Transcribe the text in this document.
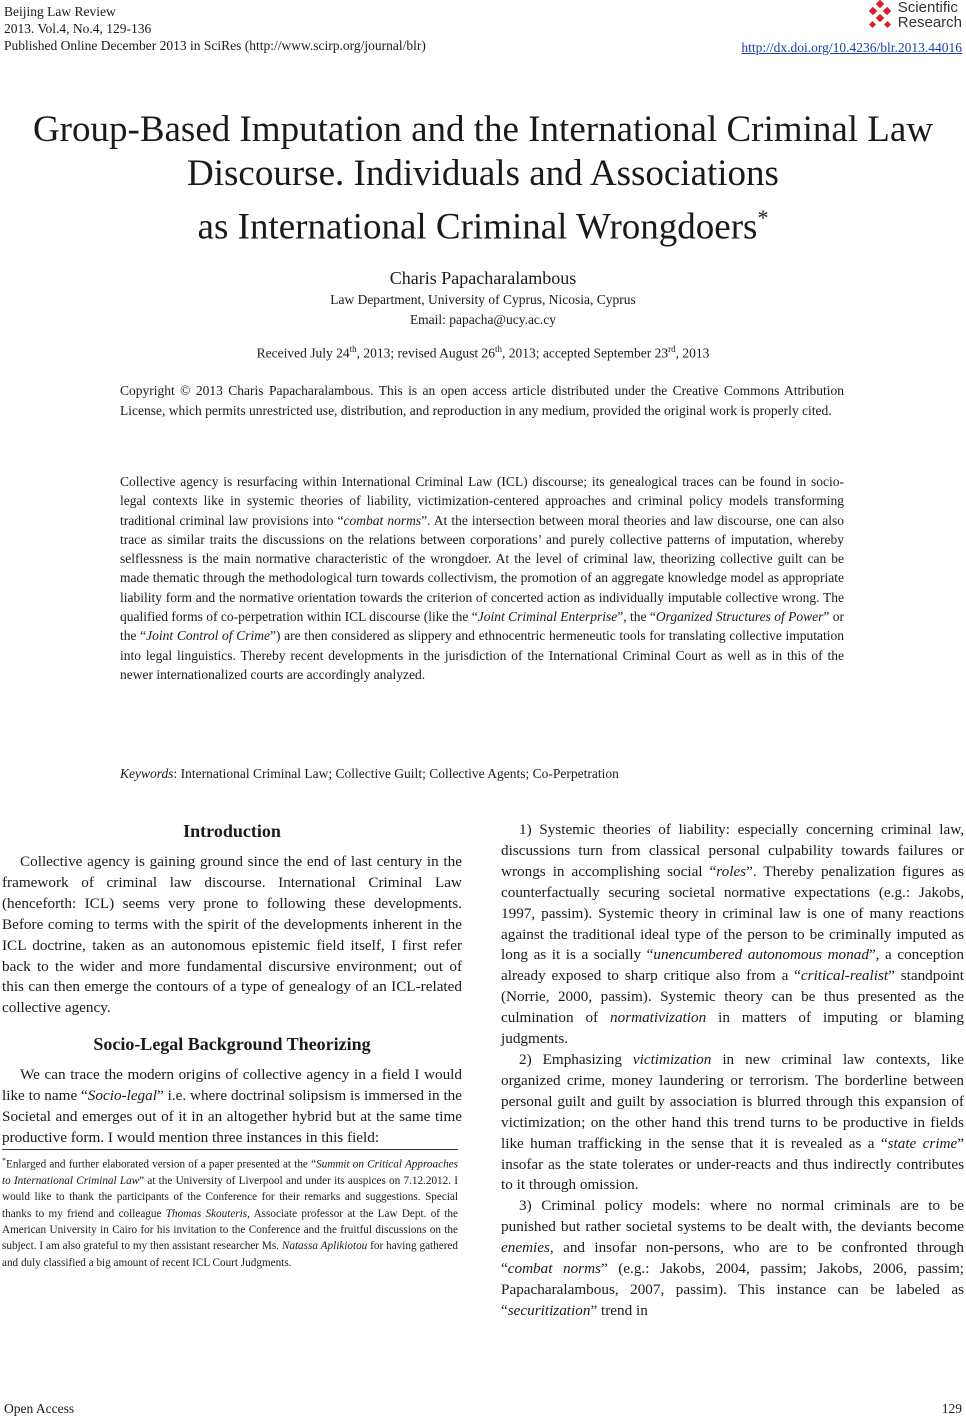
Beijing Law Review
2013. Vol.4, No.4, 129-136
Published Online December 2013 in SciRes (http://www.scirp.org/journal/blr)
Scientific
Research
http://dx.doi.org/10.4236/blr.2013.44016
Group-Based Imputation and the International Criminal Law
Discourse. Individuals and Associations
as International Criminal Wrongdoers*
Charis Papacharalambous
Law Department, University of Cyprus, Nicosia, Cyprus
Email: papacha@ucy.ac.cy
Received July 24th, 2013; revised August 26th, 2013; accepted September 23rd, 2013
Copyright © 2013 Charis Papacharalambous. This is an open access article distributed under the Creative Commons Attribution License, which permits unrestricted use, distribution, and reproduction in any medium, provided the original work is properly cited.
Collective agency is resurfacing within International Criminal Law (ICL) discourse; its genealogical traces can be found in socio-legal contexts like in systemic theories of liability, victimization-centered approaches and criminal policy models transforming traditional criminal law provisions into “combat norms”. At the intersection between moral theories and law discourse, one can also trace as similar traits the discussions on the relations between corporations’ and purely collective patterns of imputation, whereby selflessness is the main normative characteristic of the wrongdoer. At the level of criminal law, theorizing collective guilt can be made thematic through the methodological turn towards collectivism, the promotion of an aggregate knowledge model as appropriate liability form and the normative orientation towards the criterion of concerted action as individually imputable collective wrong. The qualified forms of co-perpetration within ICL discourse (like the “Joint Criminal Enterprise”, the “Organized Structures of Power” or the “Joint Control of Crime”) are then considered as slippery and ethnocentric hermeneutic tools for translating collective imputation into legal linguistics. Thereby recent developments in the jurisdiction of the International Criminal Court as well as in this of the newer internationalized courts are accordingly analyzed.
Keywords: International Criminal Law; Collective Guilt; Collective Agents; Co-Perpetration
Introduction

Collective agency is gaining ground since the end of last century in the framework of criminal law discourse. International Criminal Law (henceforth: ICL) seems very prone to following these developments. Before coming to terms with the spirit of the developments inherent in the ICL doctrine, taken as an autonomous epistemic field itself, I first refer back to the wider and more fundamental discursive environment; out of this can then emerge the contours of a type of genealogy of an ICL-related collective agency.

Socio-Legal Background Theorizing

We can trace the modern origins of collective agency in a field I would like to name “Socio-legal” i.e. where doctrinal solipsism is immersed in the Societal and emerges out of it in an altogether hybrid but at the same time productive form. I would mention three instances in this field:

*Enlarged and further elaborated version of a paper presented at the “Summit on Critical Approaches to International Criminal Law” at the University of Liverpool and under its auspices on 7.12.2012. I would like to thank the participants of the Conference for their remarks and suggestions. Special thanks to my friend and colleague Thomas Skouteris, Associate professor at the Law Dept. of the American University in Cairo for his invitation to the Conference and the fruitful discussions on the subject. I am also grateful to my then assistant researcher Ms. Natassa Aplikiotou for having gathered and duly classified a big amount of recent ICL Court Judgments.

1) Systemic theories of liability: especially concerning criminal law, discussions turn from classical personal culpability towards failures or wrongs in accomplishing social “roles”. Thereby penalization figures as counterfactually securing societal normative expectations (e.g.: Jakobs, 1997, passim). Systemic theory in criminal law is one of many reactions against the traditional ideal type of the person to be criminally imputed as long as it is a socially “unencumbered autonomous monad”, a conception already exposed to sharp critique also from a “critical-realist” standpoint (Norrie, 2000, passim). Systemic theory can be thus presented as the culmination of normativization in matters of imputing or blaming judgments.

2) Emphasizing victimization in new criminal law contexts, like organized crime, money laundering or terrorism. The borderline between personal guilt and guilt by association is blurred through this expansion of victimization; on the other hand this trend turns to be productive in fields like human trafficking in the sense that it is revealed as a “state crime” insofar as the state tolerates or under-reacts and thus indirectly contributes to it through omission.

3) Criminal policy models: where no normal criminals are to be punished but rather societal systems to be dealt with, the deviants become enemies, and insofar non-persons, who are to be confronted through “combat norms” (e.g.: Jakobs, 2004, passim; Jakobs, 2006, passim; Papacharalambous, 2007, passim). This instance can be labeled as “securitization” trend in

Open Access	129
